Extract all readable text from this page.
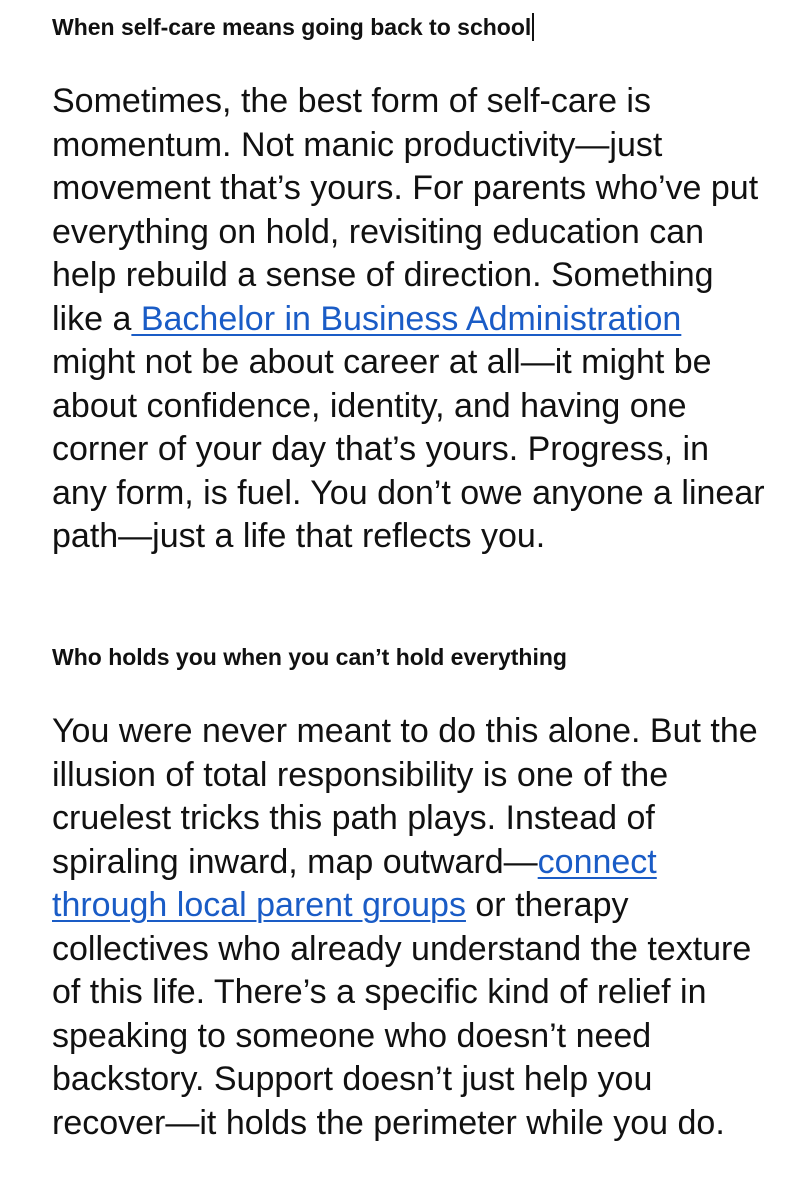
When self-care means going back to school

Sometimes, the best form of self-care is momentum. Not manic productivity—just movement that’s yours. For parents who’ve put everything on hold, revisiting education can help rebuild a sense of direction. Something like a Bachelor in Business Administration might not be about career at all—it might be about confidence, identity, and having one corner of your day that’s yours. Progress, in any form, is fuel. You don’t owe anyone a linear path—just a life that reflects you.

Who holds you when you can’t hold everything

You were never meant to do this alone. But the illusion of total responsibility is one of the cruelest tricks this path plays. Instead of spiraling inward, map outward—connect through local parent groups or therapy collectives who already understand the texture of this life. There’s a specific kind of relief in speaking to someone who doesn’t need backstory. Support doesn’t just help you recover—it holds the perimeter while you do.
